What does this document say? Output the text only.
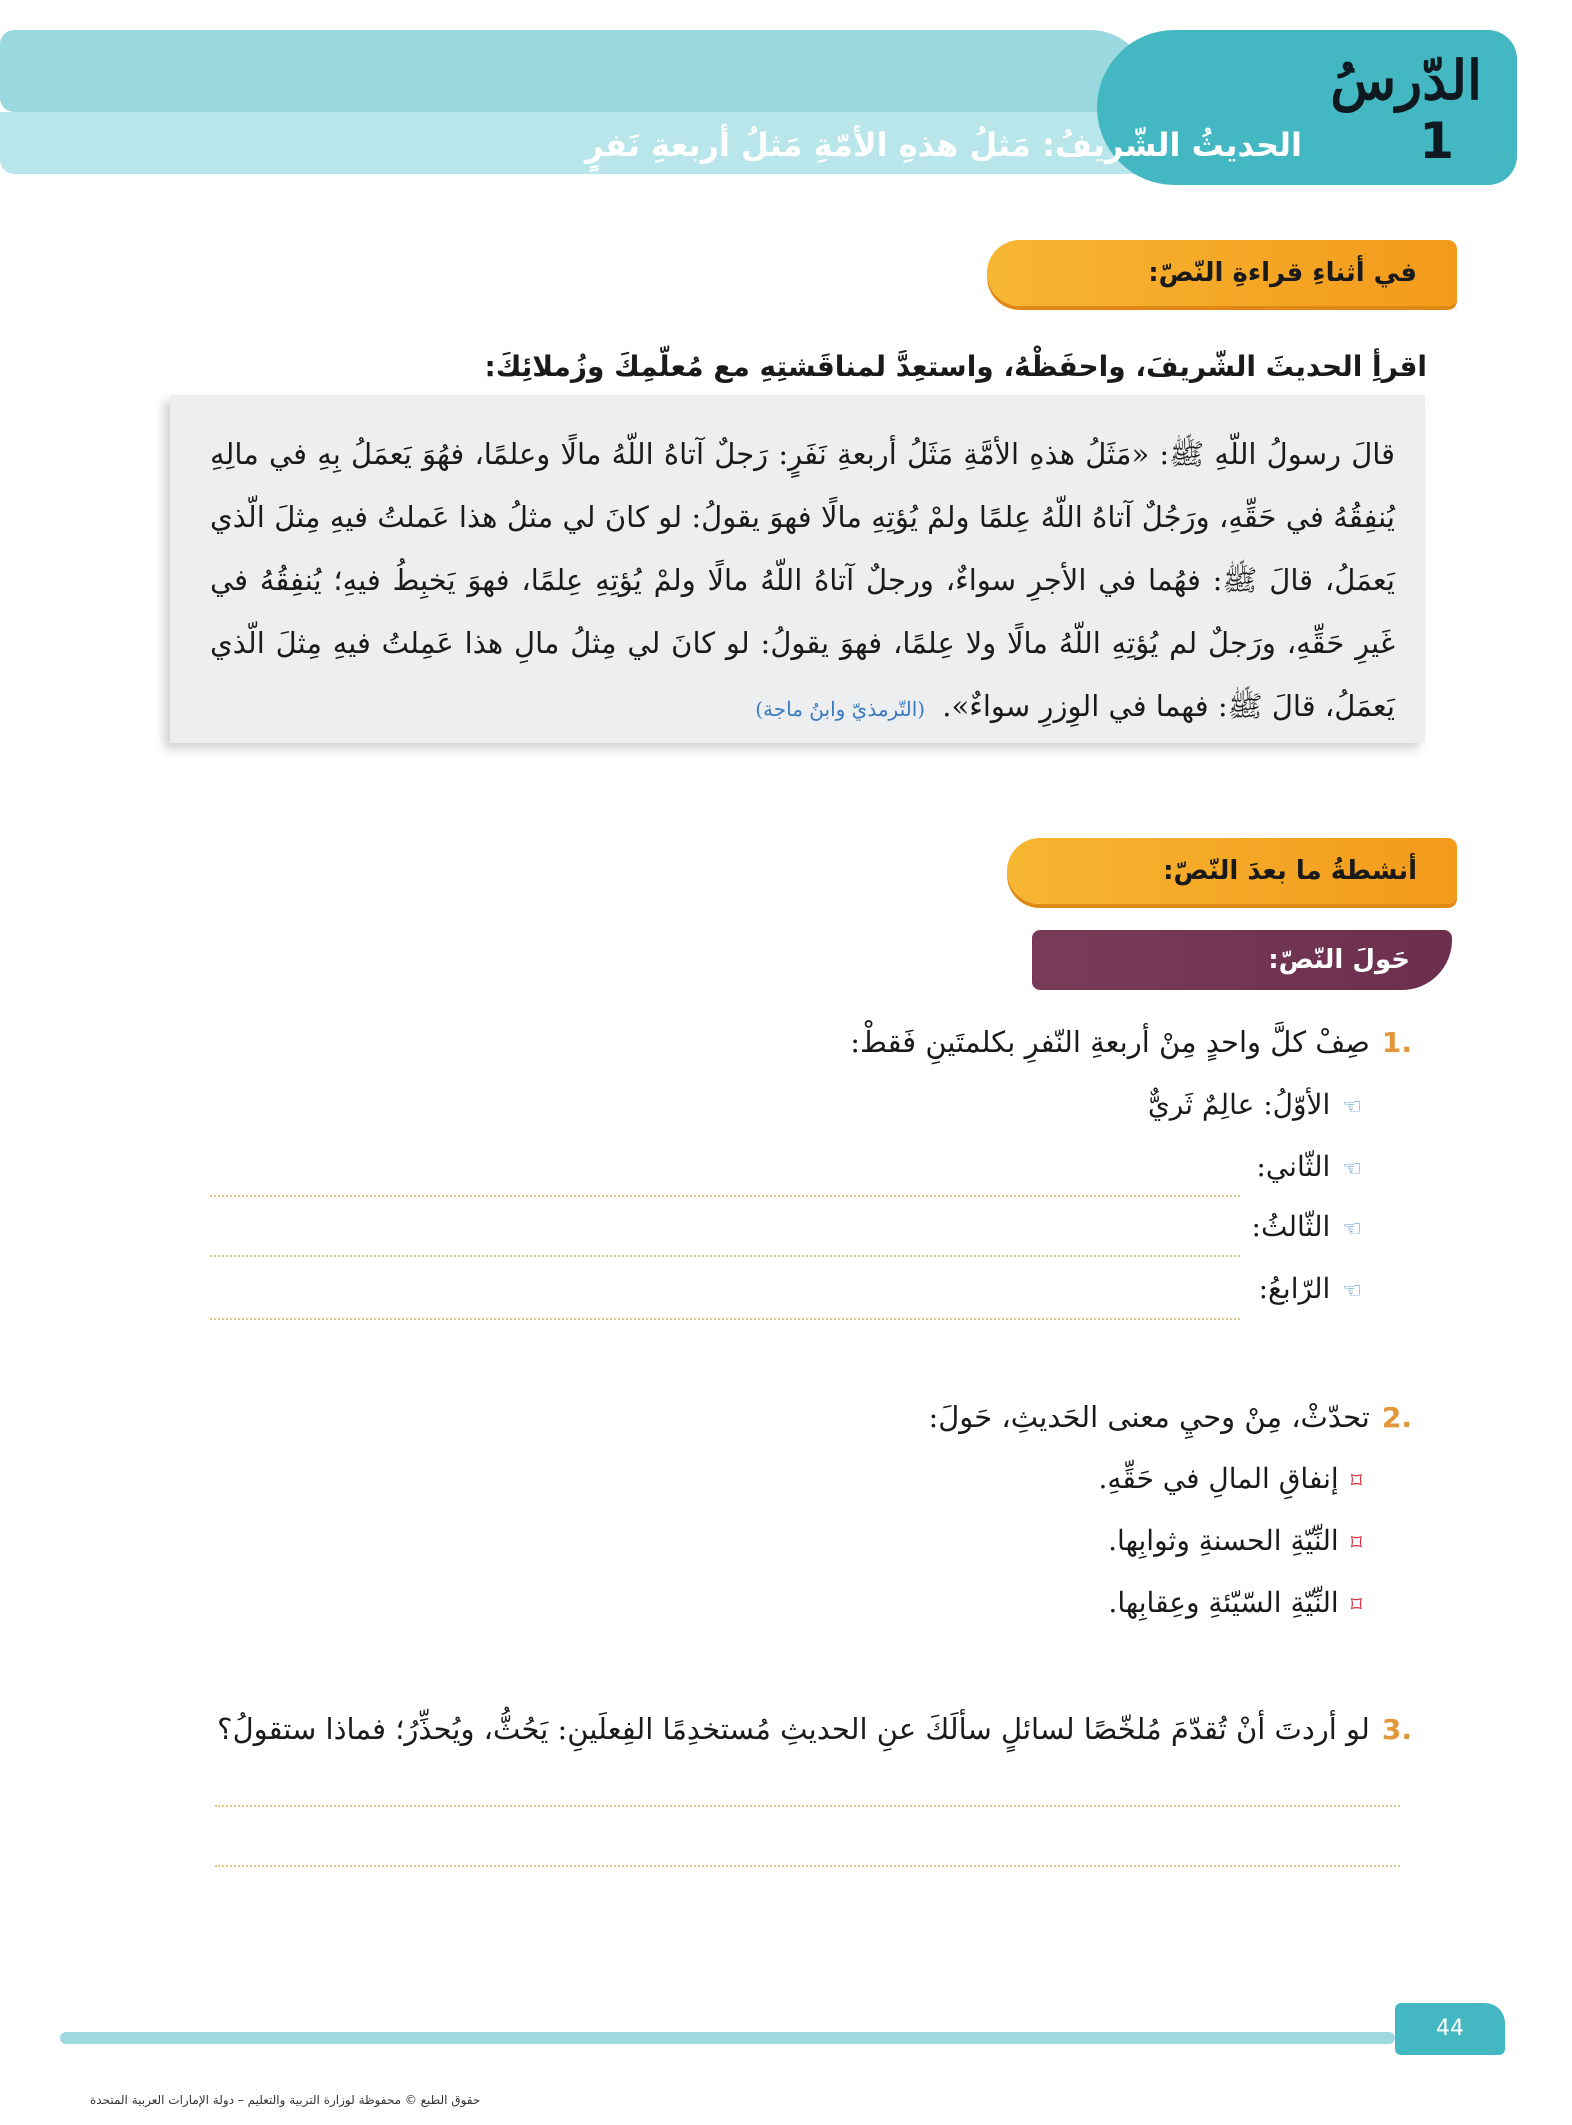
الدّرسُ
1
الحديثُ الشّريفُ: مَثلُ هذهِ الأمّةِ مَثلُ أربعةِ نَفرٍ
في أثناءِ قراءةِ النّصّ:
اقرأِ الحديثَ الشّريفَ، واحفَظْهُ، واستعِدَّ لمناقَشتِهِ مع مُعلّمِكَ وزُملائِكَ:
قالَ رسولُ اللّهِ ﷺ: «مَثَلُ هذهِ الأمَّةِ مَثَلُ أربعةِ نَفَرٍ: رَجلٌ آتاهُ اللّهُ مالًا وعلمًا، فهُوَ يَعمَلُ بِهِ في مالِهِ يُنفِقُهُ في حَقِّهِ، ورَجُلٌ آتاهُ اللّهُ عِلمًا ولمْ يُؤتِهِ مالًا فهوَ يقولُ: لو كانَ لي مثلُ هذا عَملتُ فيهِ مِثلَ الّذي يَعمَلُ، قالَ ﷺ: فهُما في الأجرِ سواءٌ، ورجلٌ آتاهُ اللّهُ مالًا ولمْ يُؤتِهِ عِلمًا، فهوَ يَخبِطُ فيهِ؛ يُنفِقُهُ في غَيرِ حَقِّهِ، ورَجلٌ لم يُؤتِهِ اللّهُ مالًا ولا عِلمًا، فهوَ يقولُ: لو كانَ لي مِثلُ مالِ هذا عَمِلتُ فيهِ مِثلَ الّذي يَعمَلُ، قالَ ﷺ: فهما في الوِزرِ سواءٌ». (التّرمذيّ وابنُ ماجة)
أنشطةُ ما بعدَ النّصّ:
حَولَ النّصّ:
.1
صِفْ كلَّ واحدٍ مِنْ أربعةِ النّفرِ بكلمتَينِ فَقطْ:
☜
الأوّلُ: عالِمٌ ثَريٌّ
☜
الثّاني:
☜
الثّالثُ:
☜
الرّابعُ:
.2
تحدّثْ، مِنْ وحيِ معنى الحَديثِ، حَولَ:
⌑
إنفاقِ المالِ في حَقِّهِ.
⌑
النِّيّةِ الحسنةِ وثوابِها.
⌑
النِّيّةِ السّيّئةِ وعِقابِها.
.3
لو أردتَ أنْ تُقدّمَ مُلخّصًا لسائلٍ سألَكَ عنِ الحديثِ مُستخدِمًا الفِعلَينِ: يَحُثُّ، ويُحذِّرُ؛ فماذا ستقولُ؟
44
حقوق الطبع © محفوظة لوزارة التربية والتعليم – دولة الإمارات العربية المتحدة
